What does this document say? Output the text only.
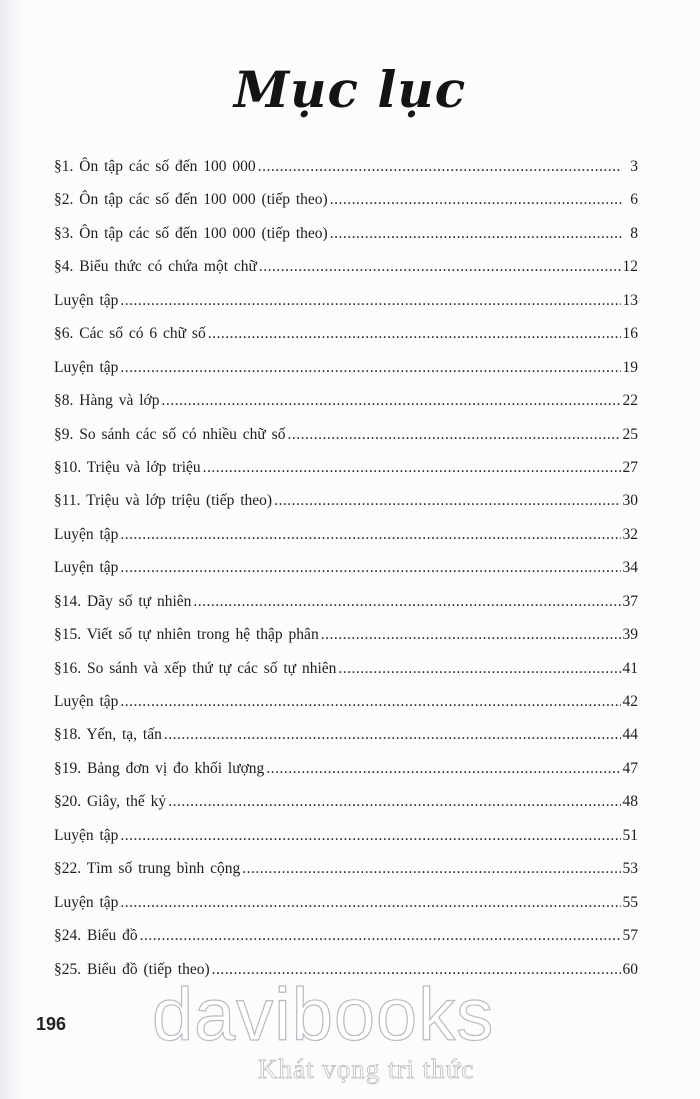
Mục lục
§1. Ôn tập các số đến 100 000 .....	3
§2. Ôn tập các số đến 100 000 (tiếp theo) .....	6
§3. Ôn tập các số đến 100 000 (tiếp theo) .....	8
§4. Biểu thức có chứa một chữ .....	12
Luyện tập .....	13
§6. Các số có 6 chữ số .....	16
Luyện tập .....	19
§8. Hàng và lớp .....	22
§9. So sánh các số có nhiều chữ số .....	25
§10. Triệu và lớp triệu .....	27
§11. Triệu và lớp triệu (tiếp theo) .....	30
Luyện tập .....	32
Luyện tập .....	34
§14. Dãy số tự nhiên .....	37
§15. Viết số tự nhiên trong hệ thập phân .....	39
§16. So sánh và xếp thứ tự các số tự nhiên .....	41
Luyện tập .....	42
§18. Yến, tạ, tấn .....	44
§19. Bảng đơn vị đo khối lượng .....	47
§20. Giây, thế kỷ .....	48
Luyện tập .....	51
§22. Tìm số trung bình cộng .....	53
Luyện tập .....	55
§24. Biểu đồ .....	57
§25. Biểu đồ (tiếp theo) .....	60
196 davibooks
Khát vọng tri thức
